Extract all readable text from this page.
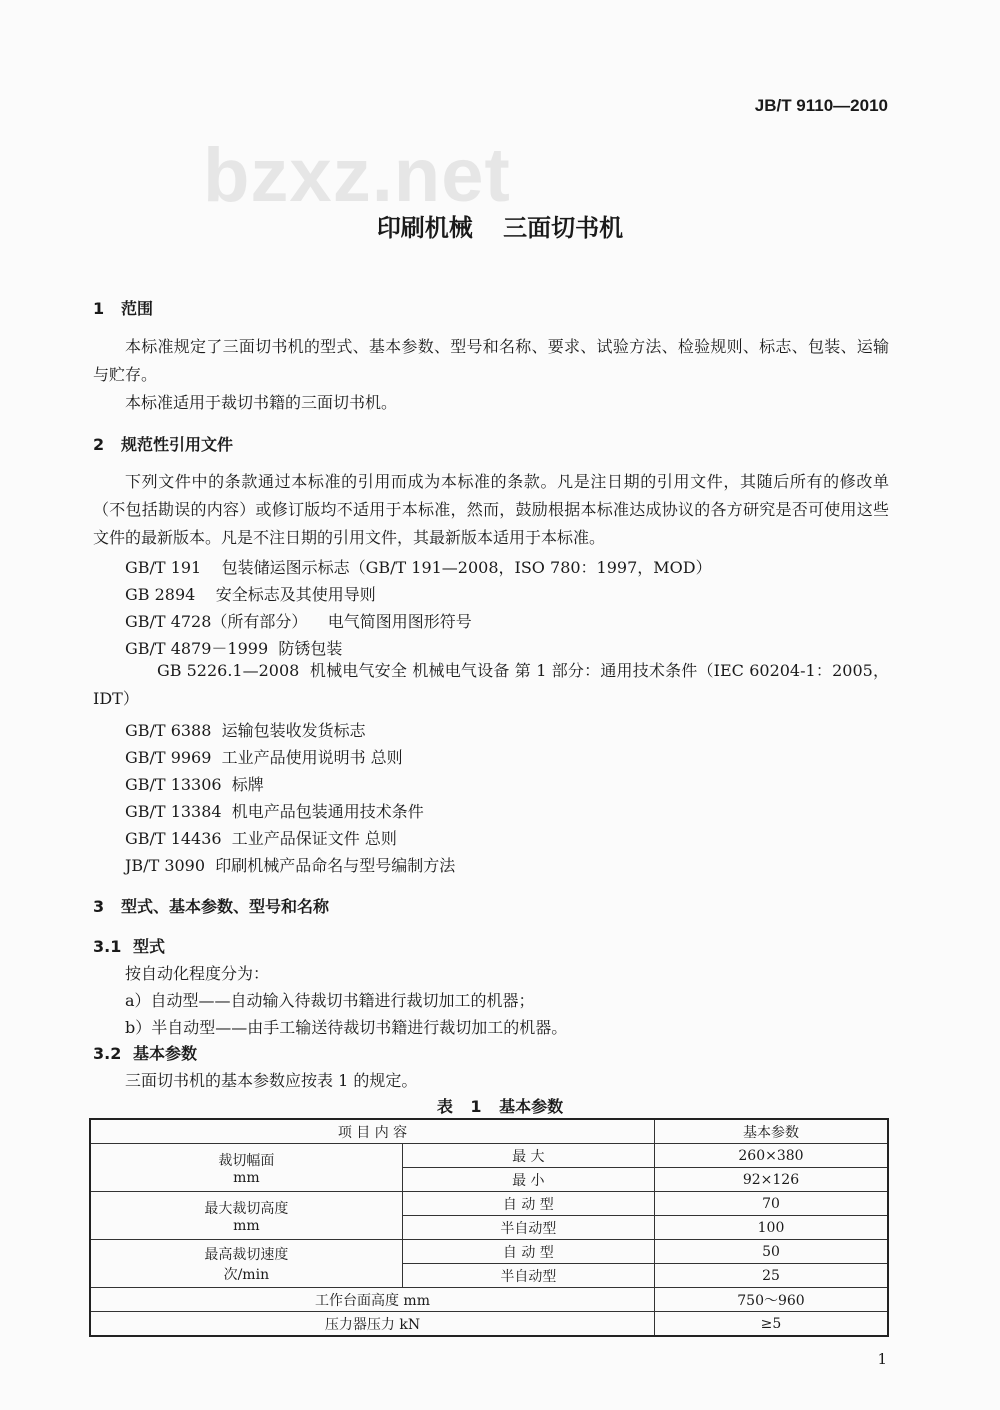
JB/T 9110—2010
bzxz.net
印刷机械 三面切书机
1 范围
本标准规定了三面切书机的型式、基本参数、型号和名称、要求、试验方法、检验规则、标志、包装、运输与贮存。
本标准适用于裁切书籍的三面切书机。
2 规范性引用文件
下列文件中的条款通过本标准的引用而成为本标准的条款。凡是注日期的引用文件，其随后所有的修改单（不包括勘误的内容）或修订版均不适用于本标准，然而，鼓励根据本标准达成协议的各方研究是否可使用这些文件的最新版本。凡是不注日期的引用文件，其最新版本适用于本标准。
GB/T 191 包装储运图示标志（GB/T 191—2008，ISO 780：1997，MOD）
GB 2894 安全标志及其使用导则
GB/T 4728（所有部分） 电气简图用图形符号
GB/T 4879－1999 防锈包装
GB 5226.1—2008 机械电气安全 机械电气设备 第 1 部分：通用技术条件（IEC 60204-1：2005，IDT）
GB/T 6388 运输包装收发货标志
GB/T 9969 工业产品使用说明书 总则
GB/T 13306 标牌
GB/T 13384 机电产品包装通用技术条件
GB/T 14436 工业产品保证文件 总则
JB/T 3090 印刷机械产品命名与型号编制方法
3 型式、基本参数、型号和名称
3.1 型式
按自动化程度分为：
a）自动型——自动输入待裁切书籍进行裁切加工的机器；
b）半自动型——由手工输送待裁切书籍进行裁切加工的机器。
3.2 基本参数
三面切书机的基本参数应按表 1 的规定。
表 1 基本参数
项 目 内 容		基本参数
裁切幅面
mm	最 大	260×380
	最 小	92×126
最大裁切高度
mm	自 动 型	70
	半自动型	100
最高裁切速度
次/min	自 动 型	50
	半自动型	25
工作台面高度 mm		750～960
压力器压力 kN		≥5
1
